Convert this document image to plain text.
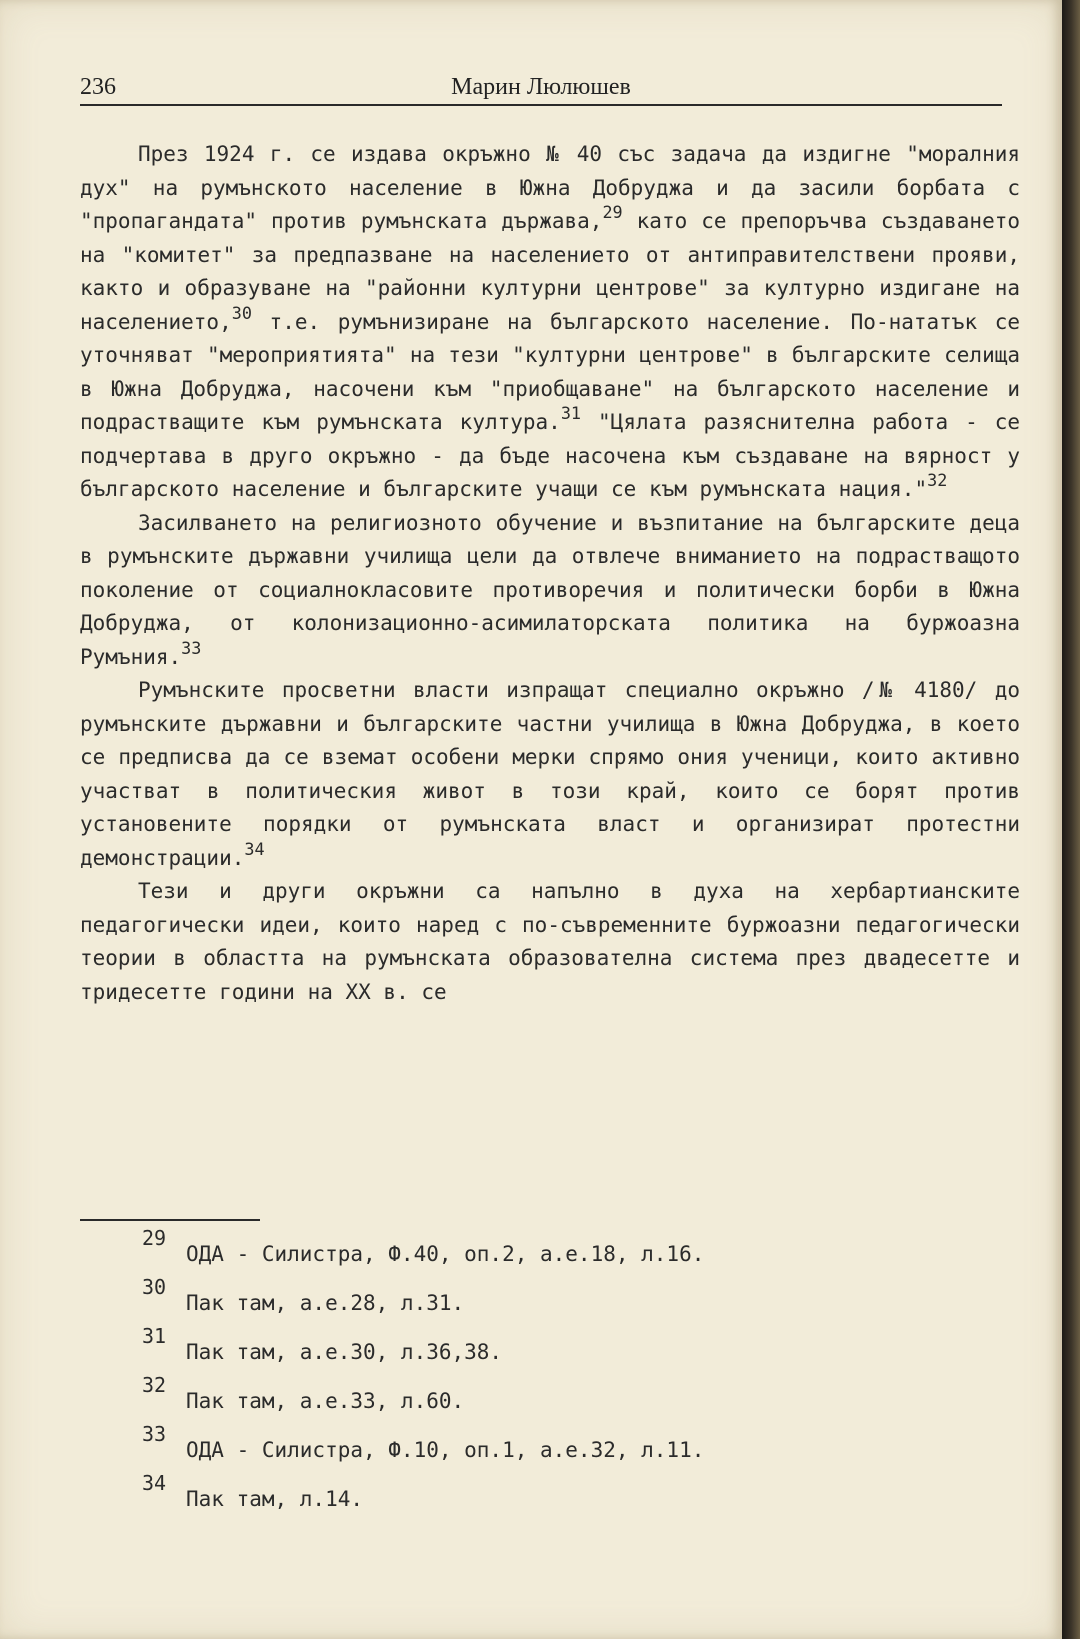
236	Марин Люлюшев

През 1924 г. се издава окръжно № 40 със задача да издигне "моралния дух" на румънското население в Южна Добруджа и да засили борбата с "пропагандата" против румънската държава,$^{29}$ като се препоръчва създаването на "комитет" за предпазване на населението от антиправителствени прояви, както и образуване на "районни културни центрове" за културно издигане на населението,$^{30}$ т.е. румънизиране на българското население. По-нататък се уточняват "мероприятията" на тези "културни центрове" в българските селища в Южна Добруджа, насочени към "приобщаване" на българското население и подрастващите към румънската култура.$^{31}$ "Цялата разяснителна работа - се подчертава в друго окръжно - да бъде насочена към създаване на вярност у българското население и българските учащи се към румънската нация."$^{32}$

Засилването на религиозното обучение и възпитание на българските деца в румънските държавни училища цели да отвлече вниманието на подрастващото поколение от социалнокласовите противоречия и политически борби в Южна Добруджа, от колонизационно-асимилаторската политика на буржоазна Румъния.$^{33}$

Румънските просветни власти изпращат специално окръжно /№ 4180/ до румънските държавни и българските частни училища в Южна Добруджа, в което се предписва да се вземат особени мерки спрямо ония ученици, които активно участват в политическия живот в този край, които се борят против установените порядки от румънската власт и организират протестни демонстрации.$^{34}$

Тези и други окръжни са напълно в духа на хербартианските педагогически идеи, които наред с по-съвременните буржоазни педагогически теории в областта на румънската образователна система през двадесетте и тридесетте години на XX в. се

29
ОДА - Силистра, Ф.40, оп.2, а.е.18, л.16.
30
Пак там, а.е.28, л.31.
31
Пак там, а.е.30, л.36,38.
32
Пак там, а.е.33, л.60.
33
ОДА - Силистра, Ф.10, оп.1, а.е.32, л.11.
34
Пак там, л.14.
